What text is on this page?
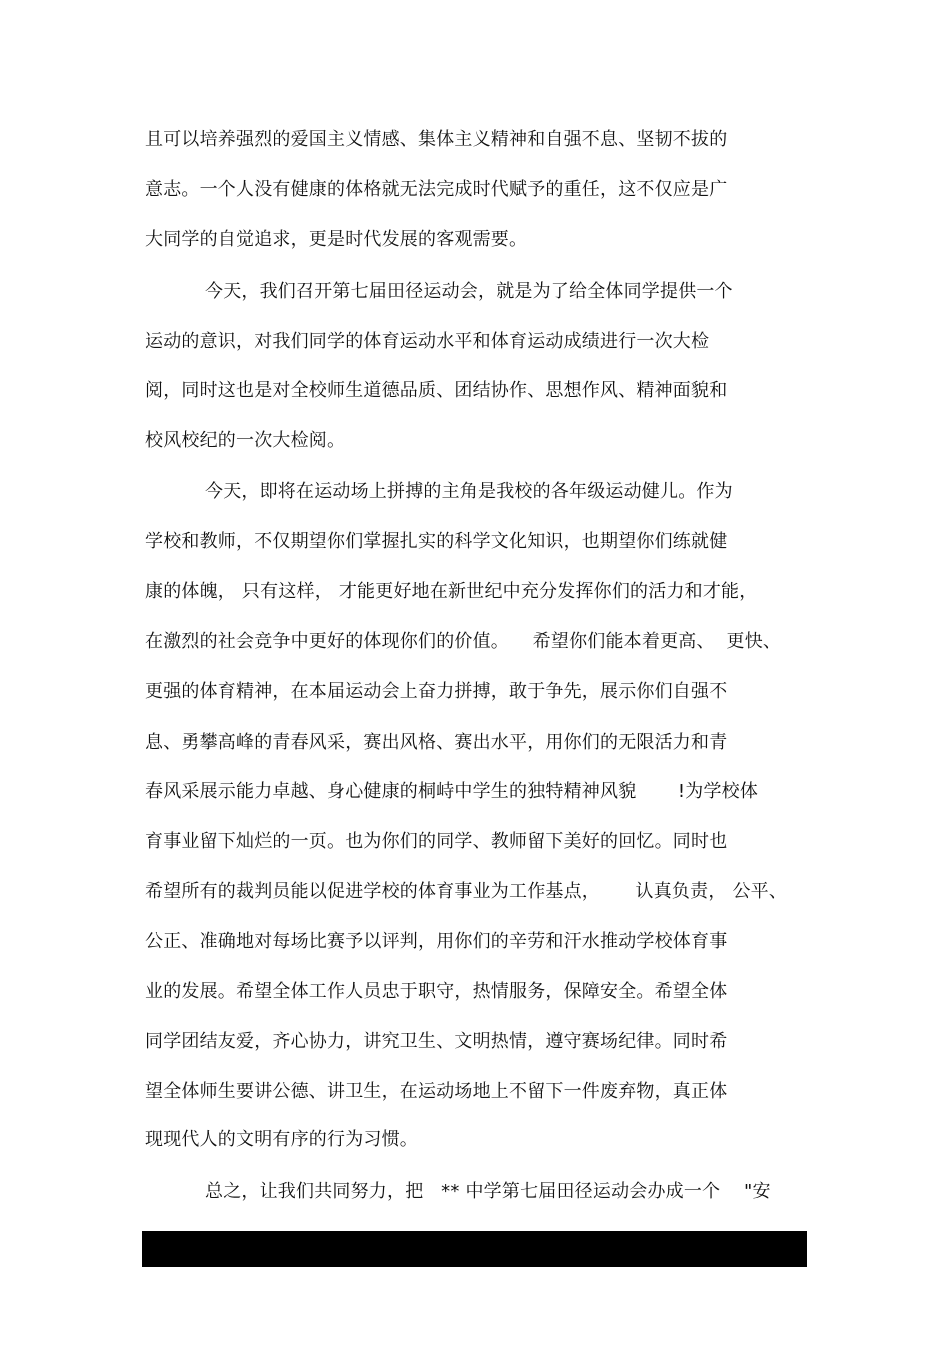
且可以培养强烈的爱国主义情感、集体主义精神和自强不息、坚韧不拔的
意志。一个人没有健康的体格就无法完成时代赋予的重任，这不仅应是广
大同学的自觉追求，更是时代发展的客观需要。
今天，我们召开第七届田径运动会，就是为了给全体同学提供一个
运动的意识，对我们同学的体育运动水平和体育运动成绩进行一次大检
阅，同时这也是对全校师生道德品质、团结协作、思想作风、精神面貌和
校风校纪的一次大检阅。
今天，即将在运动场上拼搏的主角是我校的各年级运动健儿。作为
学校和教师，不仅期望你们掌握扎实的科学文化知识，也期望你们练就健
康的体魄， 只有这样， 才能更好地在新世纪中充分发挥你们的活力和才能，
在激烈的社会竞争中更好的体现你们的价值。    希望你们能本着更高、  更快、
更强的体育精神，在本届运动会上奋力拼搏，敢于争先，展示你们自强不
息、勇攀高峰的青春风采，赛出风格、赛出水平，用你们的无限活力和青
春风采展示能力卓越、身心健康的桐峙中学生的独特精神风貌       !为学校体
育事业留下灿烂的一页。也为你们的同学、教师留下美好的回忆。同时也
希望所有的裁判员能以促进学校的体育事业为工作基点，      认真负责， 公平、
公正、准确地对每场比赛予以评判，用你们的辛劳和汗水推动学校体育事
业的发展。希望全体工作人员忠于职守，热情服务，保障安全。希望全体
同学团结友爱，齐心协力，讲究卫生、文明热情，遵守赛场纪律。同时希
望全体师生要讲公德、讲卫生，在运动场地上不留下一件废弃物，真正体
现现代人的文明有序的行为习惯。
总之，让我们共同努力，把   ** 中学第七届田径运动会办成一个    "安
